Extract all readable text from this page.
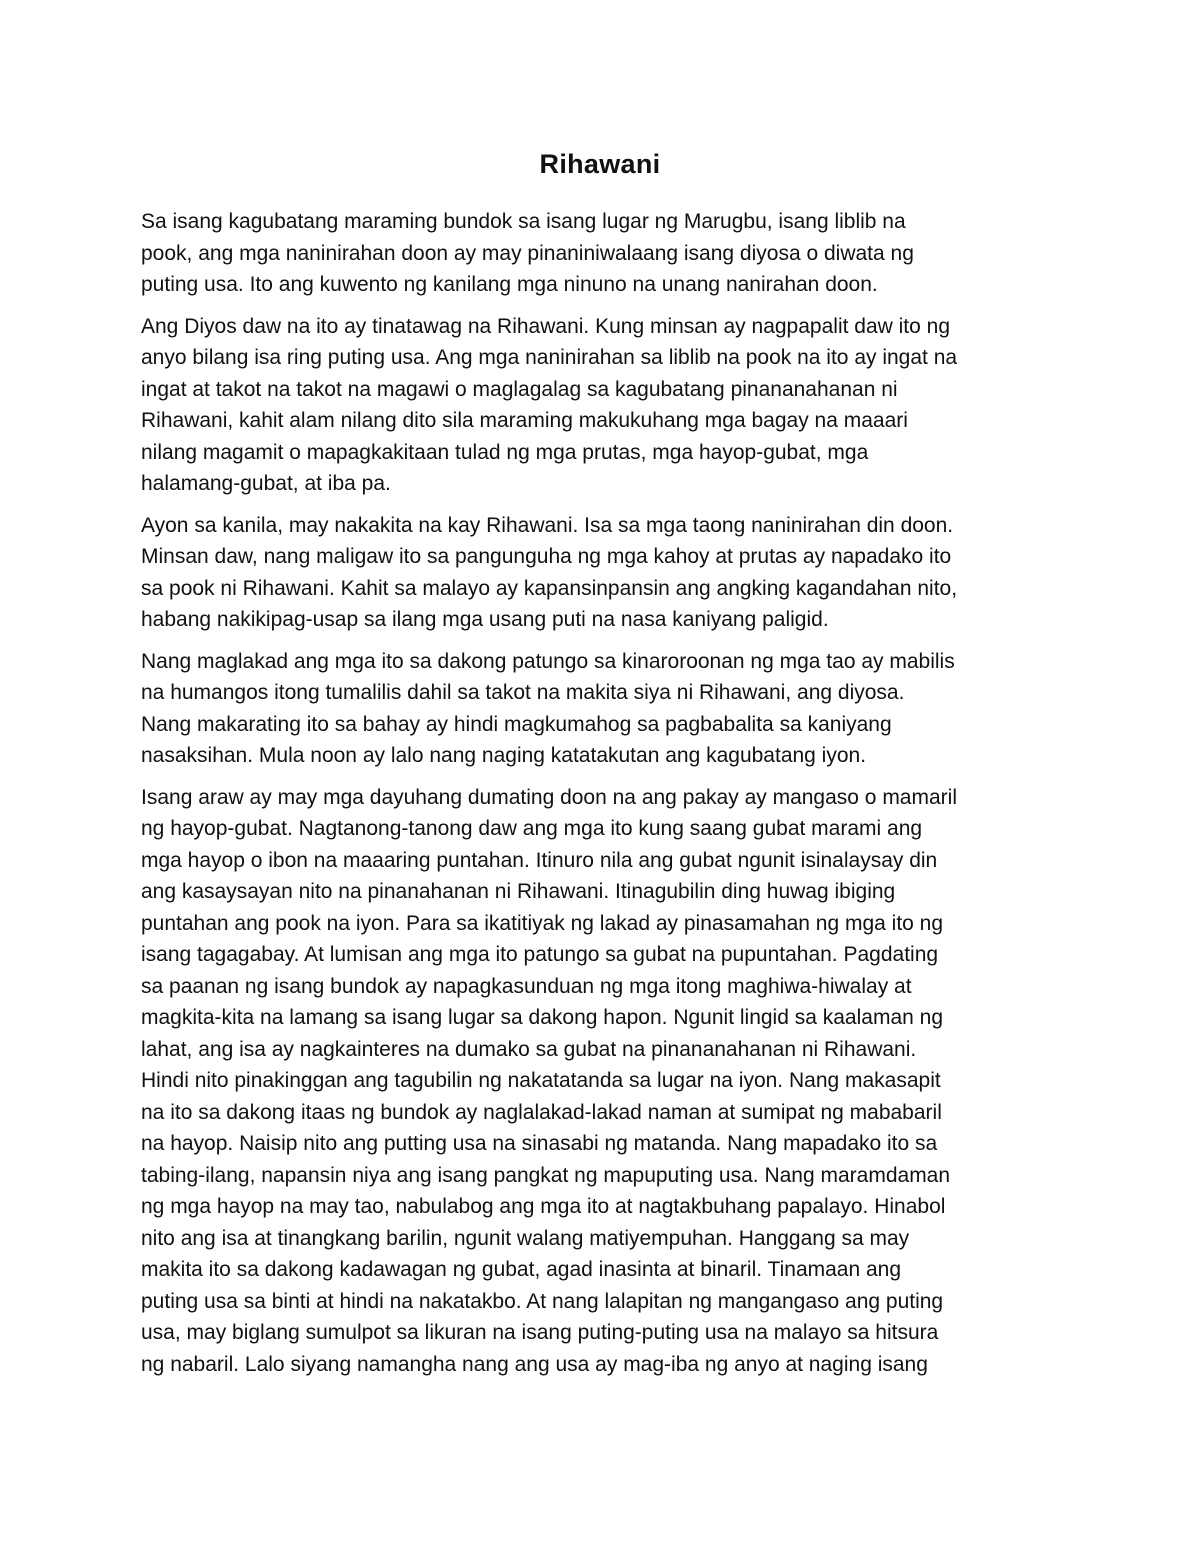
Rihawani

Sa isang kagubatang maraming bundok sa isang lugar ng Marugbu, isang liblib na
pook, ang mga naninirahan doon ay may pinaniniwalaang isang diyosa o diwata ng
puting usa. Ito ang kuwento ng kanilang mga ninuno na unang nanirahan doon.

Ang Diyos daw na ito ay tinatawag na Rihawani. Kung minsan ay nagpapalit daw ito ng
anyo bilang isa ring puting usa. Ang mga naninirahan sa liblib na pook na ito ay ingat na
ingat at takot na takot na magawi o maglagalag sa kagubatang pinananahanan ni
Rihawani, kahit alam nilang dito sila maraming makukuhang mga bagay na maaari
nilang magamit o mapagkakitaan tulad ng mga prutas, mga hayop-gubat, mga
halamang-gubat, at iba pa.

Ayon sa kanila, may nakakita na kay Rihawani. Isa sa mga taong naninirahan din doon.
Minsan daw, nang maligaw ito sa pangunguha ng mga kahoy at prutas ay napadako ito
sa pook ni Rihawani. Kahit sa malayo ay kapansinpansin ang angking kagandahan nito,
habang nakikipag-usap sa ilang mga usang puti na nasa kaniyang paligid.

Nang maglakad ang mga ito sa dakong patungo sa kinaroroonan ng mga tao ay mabilis
na humangos itong tumalilis dahil sa takot na makita siya ni Rihawani, ang diyosa.
Nang makarating ito sa bahay ay hindi magkumahog sa pagbabalita sa kaniyang
nasaksihan. Mula noon ay lalo nang naging katatakutan ang kagubatang iyon.

Isang araw ay may mga dayuhang dumating doon na ang pakay ay mangaso o mamaril
ng hayop-gubat. Nagtanong-tanong daw ang mga ito kung saang gubat marami ang
mga hayop o ibon na maaaring puntahan. Itinuro nila ang gubat ngunit isinalaysay din
ang kasaysayan nito na pinanahanan ni Rihawani. Itinagubilin ding huwag ibiging
puntahan ang pook na iyon. Para sa ikatitiyak ng lakad ay pinasamahan ng mga ito ng
isang tagagabay. At lumisan ang mga ito patungo sa gubat na pupuntahan. Pagdating
sa paanan ng isang bundok ay napagkasunduan ng mga itong maghiwa-hiwalay at
magkita-kita na lamang sa isang lugar sa dakong hapon. Ngunit lingid sa kaalaman ng
lahat, ang isa ay nagkainteres na dumako sa gubat na pinananahanan ni Rihawani.
Hindi nito pinakinggan ang tagubilin ng nakatatanda sa lugar na iyon. Nang makasapit
na ito sa dakong itaas ng bundok ay naglalakad-lakad naman at sumipat ng mababaril
na hayop. Naisip nito ang putting usa na sinasabi ng matanda. Nang mapadako ito sa
tabing-ilang, napansin niya ang isang pangkat ng mapuputing usa. Nang maramdaman
ng mga hayop na may tao, nabulabog ang mga ito at nagtakbuhang papalayo. Hinabol
nito ang isa at tinangkang barilin, ngunit walang matiyempuhan. Hanggang sa may
makita ito sa dakong kadawagan ng gubat, agad inasinta at binaril. Tinamaan ang
puting usa sa binti at hindi na nakatakbo. At nang lalapitan ng mangangaso ang puting
usa, may biglang sumulpot sa likuran na isang puting-puting usa na malayo sa hitsura
ng nabaril. Lalo siyang namangha nang ang usa ay mag-iba ng anyo at naging isang
